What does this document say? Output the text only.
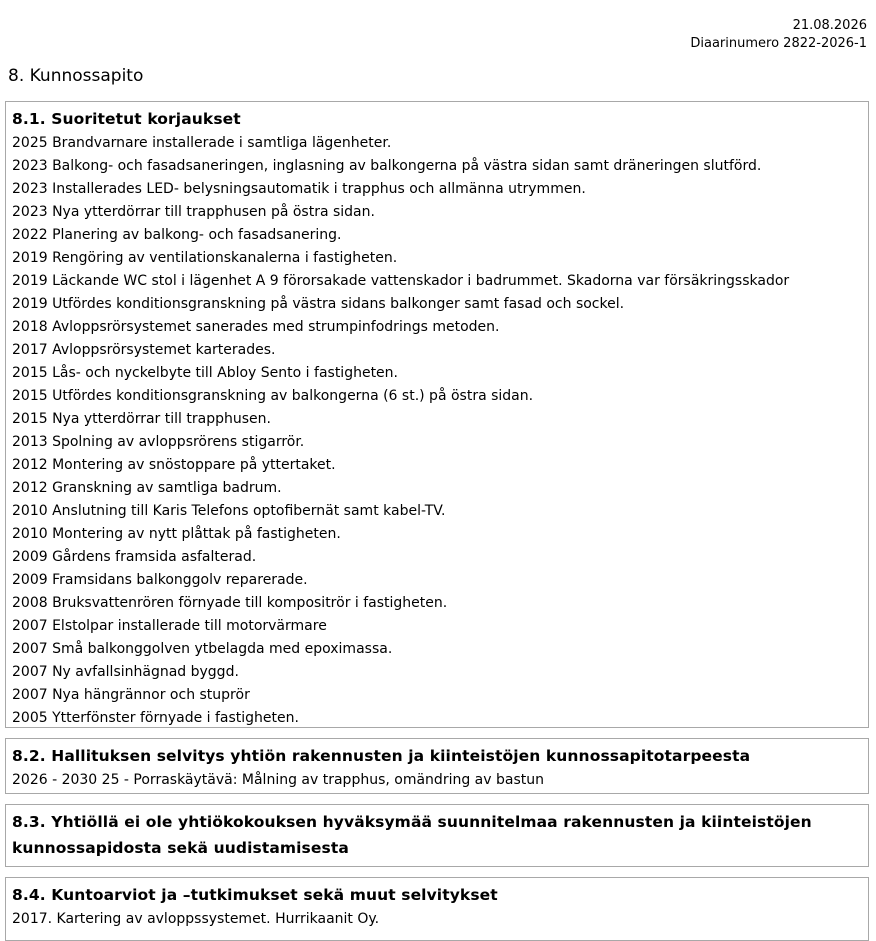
21.08.2026
Diaarinumero 2822-2026-1
8. Kunnossapito
8.1. Suoritetut korjaukset
2025 Brandvarnare installerade i samtliga lägenheter.
2023 Balkong- och fasadsaneringen, inglasning av balkongerna på västra sidan samt dräneringen slutförd.
2023 Installerades LED- belysningsautomatik i trapphus och allmänna utrymmen.
2023 Nya ytterdörrar till trapphusen på östra sidan.
2022 Planering av balkong- och fasadsanering.
2019 Rengöring av ventilationskanalerna i fastigheten.
2019 Läckande WC stol i lägenhet A 9 förorsakade vattenskador i badrummet. Skadorna var försäkringsskador
2019 Utfördes konditionsgranskning på västra sidans balkonger samt fasad och sockel.
2018 Avloppsrörsystemet sanerades med strumpinfodrings metoden.
2017 Avloppsrörsystemet karterades.
2015 Lås- och nyckelbyte till Abloy Sento i fastigheten.
2015 Utfördes konditionsgranskning av balkongerna (6 st.) på östra sidan.
2015 Nya ytterdörrar till trapphusen.
2013 Spolning av avloppsrörens stigarrör.
2012 Montering av snöstoppare på yttertaket.
2012 Granskning av samtliga badrum.
2010 Anslutning till Karis Telefons optofibernät samt kabel-TV.
2010 Montering av nytt plåttak på fastigheten.
2009 Gårdens framsida asfalterad.
2009 Framsidans balkonggolv reparerade.
2008 Bruksvattenrören förnyade till kompositrör i fastigheten.
2007 Elstolpar installerade till motorvärmare
2007 Små balkonggolven ytbelagda med epoximassa.
2007 Ny avfallsinhägnad byggd.
2007 Nya hängrännor och stuprör
2005 Ytterfönster förnyade i fastigheten.
8.2. Hallituksen selvitys yhtiön rakennusten ja kiinteistöjen kunnossapitotarpeesta
2026 - 2030 25 - Porraskäytävä: Målning av trapphus, omändring av bastun
8.3. Yhtiöllä ei ole yhtiökokouksen hyväksymää suunnitelmaa rakennusten ja kiinteistöjen
kunnossapidosta sekä uudistamisesta
8.4. Kuntoarviot ja –tutkimukset sekä muut selvitykset
2017. Kartering av avloppssystemet. Hurrikaanit Oy.
